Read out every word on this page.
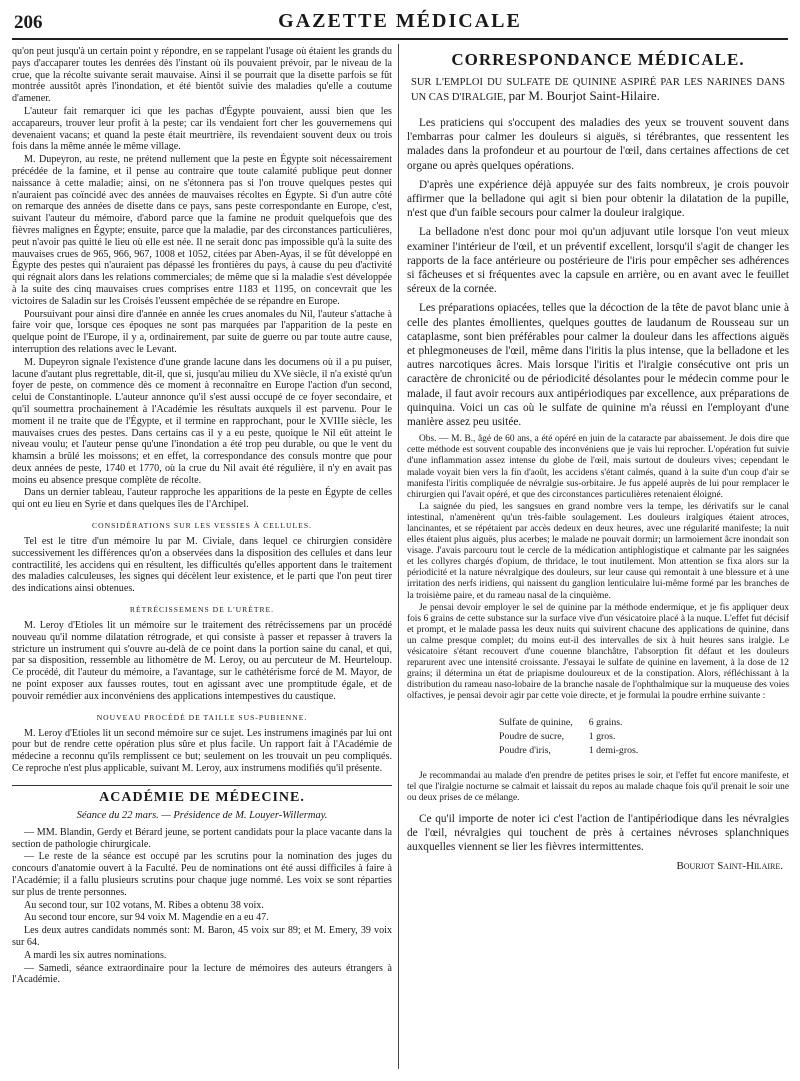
206	GAZETTE MÉDICALE

qu'on peut jusqu'à un certain point y répondre, en se rappelant l'usage où étaient les grands du pays d'accaparer toutes les denrées dès l'instant où ils pouvaient prévoir, par le niveau de la crue, que la récolte suivante serait mauvaise. Ainsi il se pourrait que la disette parfois se fût montrée aussitôt après l'inondation, et été bientôt suivie des maladies qu'elle a coutume d'amener.

L'auteur fait remarquer ici que les pachas d'Égypte pouvaient, aussi bien que les accapareurs, trouver leur profit à la peste; car ils vendaient fort cher les gouvernemens qui devenaient vacans; et quand la peste était meurtrière, ils revendaient souvent deux ou trois fois dans la même année le même village.

M. Dupeyron, au reste, ne prétend nullement que la peste en Égypte soit nécessairement précédée de la famine, et il pense au contraire que toute calamité publique peut donner naissance à cette maladie; ainsi, on ne s'étonnera pas si l'on trouve quelques pestes qui n'auraient pas coïncidé avec des années de mauvaises récoltes en Égypte. Si d'un autre côté on remarque des années de disette dans ce pays, sans peste correspondante en Europe, c'est, suivant l'auteur du mémoire, d'abord parce que la famine ne produit quelquefois que des fièvres malignes en Égypte; ensuite, parce que la maladie, par des circonstances particulières, peut n'avoir pas quitté le lieu où elle est née. Il ne serait donc pas impossible qu'à la suite des mauvaises crues de 965, 966, 967, 1008 et 1052, citées par Aben-Ayas, il se fût développé en Égypte des pestes qui n'auraient pas dépassé les frontières du pays, à cause du peu d'activité qui régnait alors dans les relations commerciales; de même que si la maladie s'est développée à la suite des cinq mauvaises crues comprises entre 1183 et 1195, on concevrait que les victoires de Saladin sur les Croisés l'eussent empêchée de se répandre en Europe.

Poursuivant pour ainsi dire d'année en année les crues anomales du Nil, l'auteur s'attache à faire voir que, lorsque ces époques ne sont pas marquées par l'apparition de la peste en quelque point de l'Europe, il y a, ordinairement, par suite de guerre ou par toute autre cause, interruption des relations avec le Levant.

M. Dupeyron signale l'existence d'une grande lacune dans les documens où il a pu puiser, lacune d'autant plus regrettable, dit-il, que si, jusqu'au milieu du XVe siècle, il n'a existé qu'un foyer de peste, on commence dès ce moment à reconnaître en Europe l'action d'un second, celui de Constantinople. L'auteur annonce qu'il s'est aussi occupé de ce foyer secondaire, et qu'il soumettra prochainement à l'Académie les résultats auxquels il est parvenu. Pour le moment il ne traite que de l'Égypte, et il termine en rapprochant, pour le XVIIIe siècle, les mauvaises crues des pestes. Dans certains cas il y a eu peste, quoique le Nil eût atteint le niveau voulu; et l'auteur pense qu'une l'inondation a été trop peu durable, ou que le vent du khamsin a brûlé les moissons; et en effet, la correspondance des consuls montre que pour deux années de peste, 1740 et 1770, où la crue du Nil avait été régulière, il n'y en avait pas moins eu absence presque complète de récolte.

Dans un dernier tableau, l'auteur rapproche les apparitions de la peste en Égypte de celles qui ont eu lieu en Syrie et dans quelques îles de l'Archipel.

CONSIDÉRATIONS SUR LES VESSIES À CELLULES.

Tel est le titre d'un mémoire lu par M. Civiale, dans lequel ce chirurgien considère successivement les différences qu'on a observées dans la disposition des cellules et dans leur contractilité, les accidens qui en résultent, les difficultés qu'elles apportent dans le traitement des maladies calculeuses, les signes qui décèlent leur existence, et le parti que l'on peut tirer des indications ainsi obtenues.

RÉTRÉCISSEMENS DE L'URÈTRE.

M. Leroy d'Etioles lit un mémoire sur le traitement des rétrécissemens par un procédé nouveau qu'il nomme dilatation rétrograde, et qui consiste à passer et repasser à travers la stricture un instrument qui s'ouvre au-delà de ce point dans la portion saine du canal, et qui, par sa disposition, ressemble au lithomètre de M. Leroy, ou au percuteur de M. Heurteloup. Ce procédé, dit l'auteur du mémoire, a l'avantage, sur le cathétérisme forcé de M. Mayor, de ne point exposer aux fausses routes, tout en agissant avec une promptitude égale, et de pouvoir remédier aux inconvéniens des applications intempestives du caustique.

NOUVEAU PROCÉDÉ DE TAILLE SUS-PUBIENNE.

M. Leroy d'Etioles lit un second mémoire sur ce sujet. Les instrumens imaginés par lui ont pour but de rendre cette opération plus sûre et plus facile. Un rapport fait à l'Académie de médecine a reconnu qu'ils remplissent ce but; seulement on les trouvait un peu compliqués. Ce reproche n'est plus applicable, suivant M. Leroy, aux instrumens modifiés qu'il présente.

ACADÉMIE DE MÉDECINE.
Séance du 22 mars. — Présidence de M. Louyer-Willermay.

— MM. Blandin, Gerdy et Bérard jeune, se portent candidats pour la place vacante dans la section de pathologie chirurgicale.

— Le reste de la séance est occupé par les scrutins pour la nomination des juges du concours d'anatomie ouvert à la Faculté. Peu de nominations ont été aussi difficiles à faire à l'Académie; il a fallu plusieurs scrutins pour chaque juge nommé. Les voix se sont réparties sur plus de trente personnes.

Au second tour, sur 102 votans, M. Ribes a obtenu 38 voix.

Au second tour encore, sur 94 voix M. Magendie en a eu 47.

Les deux autres candidats nommés sont: M. Baron, 45 voix sur 89; et M. Emery, 39 voix sur 64.

A mardi les six autres nominations.

— Samedi, séance extraordinaire pour la lecture de mémoires des auteurs étrangers à l'Académie.

CORRESPONDANCE MÉDICALE.
SUR L'EMPLOI DU SULFATE DE QUININE ASPIRÉ PAR LES NARINES DANS UN CAS D'IRALGIE, par M. Bourjot Saint-Hilaire.

Les praticiens qui s'occupent des maladies des yeux se trouvent souvent dans l'embarras pour calmer les douleurs si aiguës, si térébrantes, que ressentent les malades dans la profondeur et au pourtour de l'œil, dans certaines affections de cet organe ou après quelques opérations.

D'après une expérience déjà appuyée sur des faits nombreux, je crois pouvoir affirmer que la belladone qui agit si bien pour obtenir la dilatation de la pupille, n'est que d'un faible secours pour calmer la douleur iralgique.

La belladone n'est donc pour moi qu'un adjuvant utile lorsque l'on veut mieux examiner l'intérieur de l'œil, et un préventif excellent, lorsqu'il s'agit de changer les rapports de la face antérieure ou postérieure de l'iris pour empêcher ses adhérences si fâcheuses et si fréquentes avec la capsule en arrière, ou en avant avec le feuillet séreux de la cornée.

Les préparations opiacées, telles que la décoction de la tête de pavot blanc unie à celle des plantes émollientes, quelques gouttes de laudanum de Rousseau sur un cataplasme, sont bien préférables pour calmer la douleur dans les affections aiguës et phlegmoneuses de l'œil, même dans l'iritis la plus intense, que la belladone et les autres narcotiques âcres. Mais lorsque l'iritis et l'iralgie consécutive ont pris un caractère de chronicité ou de périodicité désolantes pour le médecin comme pour le malade, il faut avoir recours aux antipériodiques par excellence, aux préparations de quinquina. Voici un cas où le sulfate de quinine m'a réussi en l'employant d'une manière assez peu usitée.

Obs. — M. B., âgé de 60 ans, a été opéré en juin de la cataracte par abaissement. Je dois dire que cette méthode est souvent coupable des inconvéniens que je vais lui reprocher. L'opération fut suivie d'une inflammation assez intense du globe de l'œil, mais surtout de douleurs vives; cependant le malade voyait bien vers la fin d'août, les accidens s'étant calmés, quand à la suite d'un coup d'air se manifesta l'iritis compliquée de névralgie sus-orbitaire. Je fus appelé auprès de lui pour remplacer le chirurgien qui l'avait opéré, et que des circonstances particulières retenaient éloigné.

La saignée du pied, les sangsues en grand nombre vers la tempe, les dérivatifs sur le canal intestinal, n'amenèrent qu'un très-faible soulagement. Les douleurs iralgiques étaient atroces, lancinantes, et se répétaient par accès dedeux en deux heures, avec une régularité manifeste; la nuit elles étaient plus aiguës, plus acerbes; le malade ne pouvait dormir; un larmoiement âcre inondait son visage. J'avais parcouru tout le cercle de la médication antiphlogistique et calmante par les saignées et les collyres chargés d'opium, de thridace, le tout inutilement. Mon attention se fixa alors sur la périodicité et la nature névralgique des douleurs, sur leur cause qui remontait à une blessure et à une irritation des nerfs iridiens, qui naissent du ganglion lenticulaire lui-même formé par les branches de la troisième paire, et du rameau nasal de la cinquième.

Je pensai devoir employer le sel de quinine par la méthode endermique, et je fis appliquer deux fois 6 grains de cette substance sur la surface vive d'un vésicatoire placé à la nuque. L'effet fut décisif et prompt, et le malade passa les deux nuits qui suivirent chacune des applications de quinine, dans un calme presque complet; du moins eut-il des intervalles de six à huit heures sans iralgie. Le vésicatoire s'étant recouvert d'une couenne blanchâtre, l'absorption fit défaut et les douleurs reparurent avec une intensité croissante. J'essayai le sulfate de quinine en lavement, à la dose de 12 grains; il détermina un état de priapisme douloureux et de la constipation. Alors, réfléchissant à la distribution du rameau naso-lobaire de la branche nasale de l'ophthalmique sur la muqueuse des voies olfactives, je pensai devoir agir par cette voie directe, et je formulai la poudre errhine suivante :

Sulfate de quinine,	6 grains.
Poudre de sucre,	1 gros.
Poudre d'iris,	1 demi-gros.

Je recommandai au malade d'en prendre de petites prises le soir, et l'effet fut encore manifeste, et tel que l'iralgie nocturne se calmait et laissait du repos au malade chaque fois qu'il prenait le soir une ou deux prises de ce mélange.

Ce qu'il importe de noter ici c'est l'action de l'antipériodique dans les névralgies de l'œil, névralgies qui touchent de près à certaines névroses splanchniques auxquelles viennent se lier les fièvres intermittentes.

Bourjot Saint-Hilaire.
